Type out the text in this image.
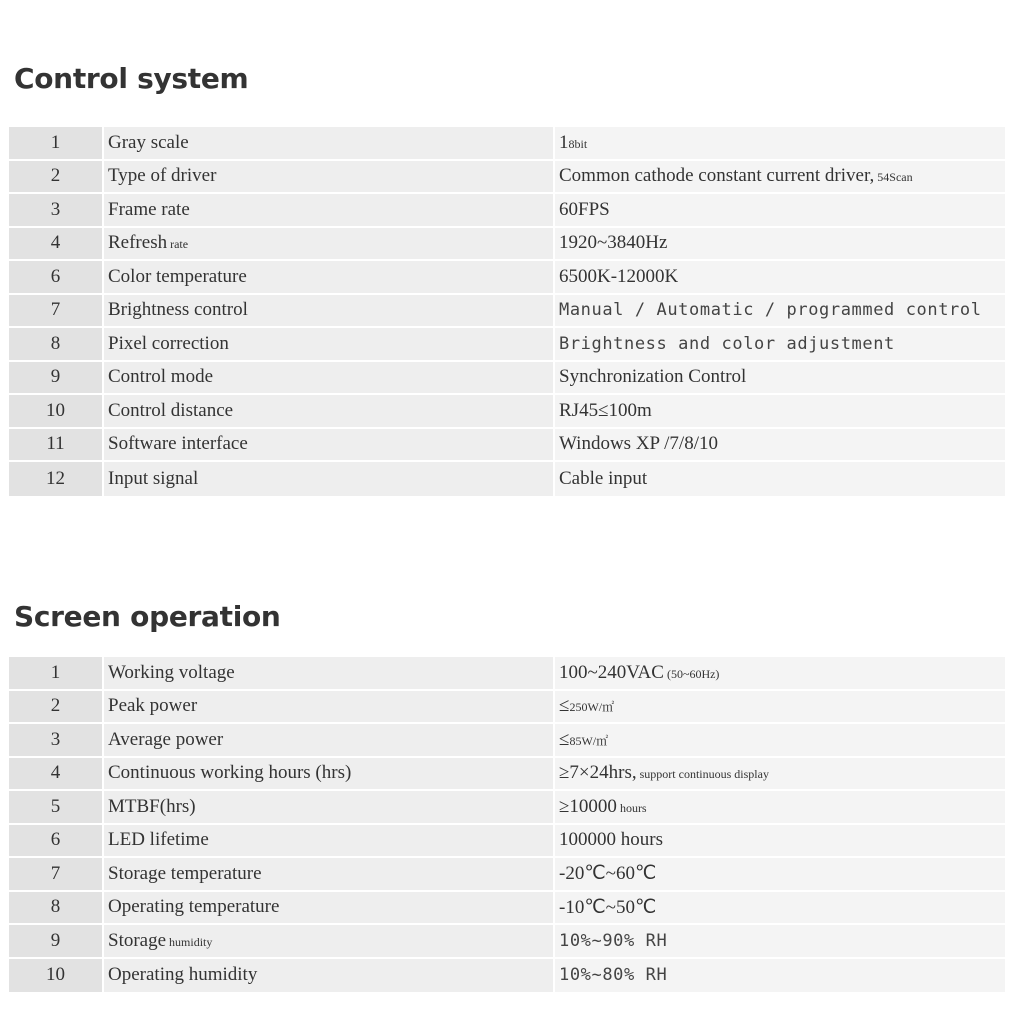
Control system
1	Gray scale	18bit
2	Type of driver	Common cathode constant current driver, 54Scan
3	Frame rate	60FPS
4	Refresh rate	1920~3840Hz
6	Color temperature	6500K-12000K
7	Brightness control	Manual / Automatic / programmed control
8	Pixel correction	Brightness and color adjustment
9	Control mode	Synchronization Control
10	Control distance	RJ45≤100m
11	Software interface	Windows XP /7/8/10
12	Input signal	Cable input
Screen operation
1	Working voltage	100~240VAC (50~60Hz)
2	Peak power	≤250W/㎡
3	Average power	≤85W/㎡
4	Continuous working hours (hrs)	≥7×24hrs, support continuous display
5	MTBF(hrs)	≥10000 hours
6	LED lifetime	100000 hours
7	Storage temperature	-20℃~60℃
8	Operating temperature	-10℃~50℃
9	Storage humidity	10%~90% RH
10	Operating humidity	10%~80% RH
